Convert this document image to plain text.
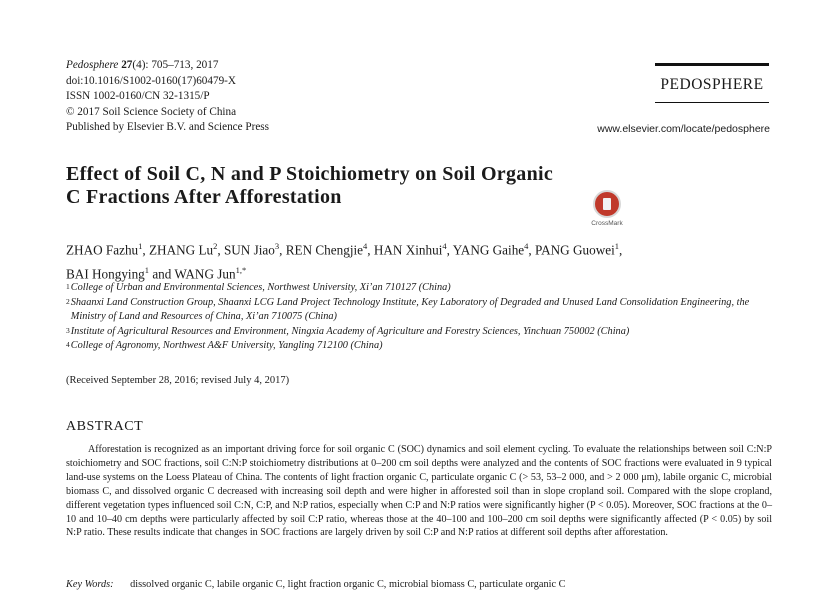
Pedosphere 27(4): 705–713, 2017
doi:10.1016/S1002-0160(17)60479-X
ISSN 1002-0160/CN 32-1315/P
© 2017 Soil Science Society of China
Published by Elsevier B.V. and Science Press
PEDOSPHERE
www.elsevier.com/locate/pedosphere
Effect of Soil C, N and P Stoichiometry on Soil Organic
C Fractions After Afforestation
CrossMark
ZHAO Fazhu$^1$, ZHANG Lu$^2$, SUN Jiao$^3$, REN Chengjie$^4$, HAN Xinhui$^4$, YANG Gaihe$^4$, PANG Guowei$^1$,
BAI Hongying$^1$ and WANG Jun$^{1,*}$
1 College of Urban and Environmental Sciences, Northwest University, Xi’an 710127 (China)
2 Shaanxi Land Construction Group, Shaanxi LCG Land Project Technology Institute, Key Laboratory of Degraded and Unused Land Consolidation Engineering, the Ministry of Land and Resources of China, Xi’an 710075 (China)
3 Institute of Agricultural Resources and Environment, Ningxia Academy of Agriculture and Forestry Sciences, Yinchuan 750002 (China)
4 College of Agronomy, Northwest A&F University, Yangling 712100 (China)
(Received September 28, 2016; revised July 4, 2017)
ABSTRACT
Afforestation is recognized as an important driving force for soil organic C (SOC) dynamics and soil element cycling. To evaluate the relationships between soil C:N:P stoichiometry and SOC fractions, soil C:N:P stoichiometry distributions at 0–200 cm soil depths were analyzed and the contents of SOC fractions were evaluated in 9 typical land-use systems on the Loess Plateau of China. The contents of light fraction organic C, particulate organic C (> 53, 53–2 000, and > 2 000 μm), labile organic C, microbial biomass C, and dissolved organic C decreased with increasing soil depth and were higher in afforested soil than in slope cropland soil. Compared with the slope cropland, different vegetation types influenced soil C:N, C:P, and N:P ratios, especially when C:P and N:P ratios were significantly higher (P < 0.05). Moreover, SOC fractions at the 0–10 and 10–40 cm depths were particularly affected by soil C:P ratio, whereas those at the 40–100 and 100–200 cm soil depths were significantly affected (P < 0.05) by soil N:P ratio. These results indicate that changes in SOC fractions are largely driven by soil C:P and N:P ratios at different soil depths after afforestation.
Key Words: dissolved organic C, labile organic C, light fraction organic C, microbial biomass C, particulate organic C
